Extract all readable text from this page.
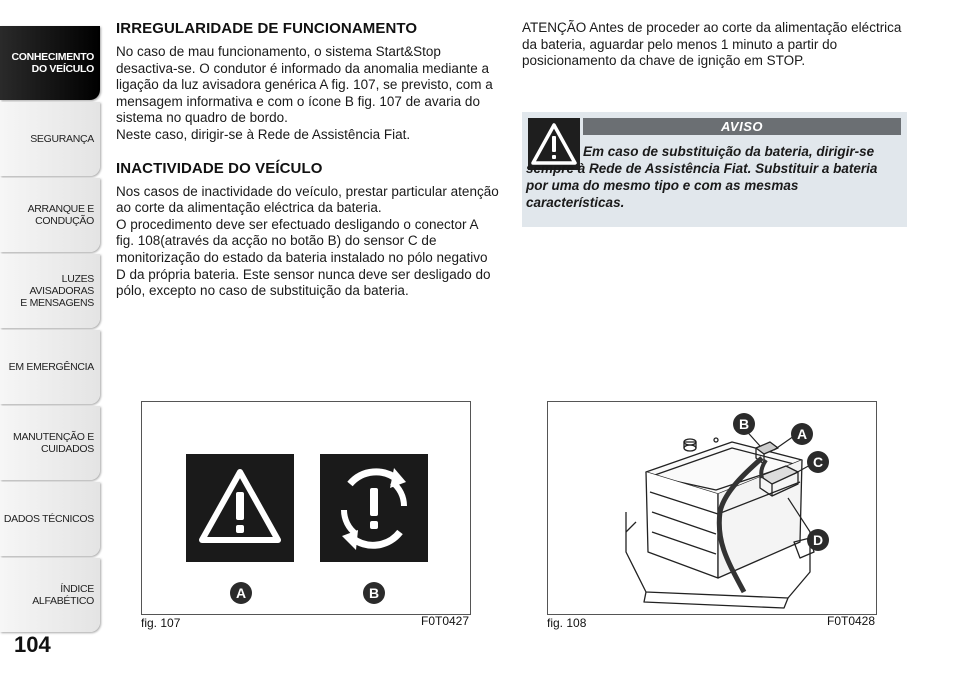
CONHECIMENTO
DO VEÍCULO
SEGURANÇA
ARRANQUE E
CONDUÇÃO
LUZES AVISADORAS
E MENSAGENS
EM EMERGÊNCIA
MANUTENÇÃO E
CUIDADOS
DADOS TÉCNICOS
ÍNDICE ALFABÉTICO
104
IRREGULARIDADE DE FUNCIONAMENTO

No caso de mau funcionamento, o sistema Start&Stop desactiva-se. O condutor é informado da anomalia mediante a ligação da luz avisadora genérica A fig. 107, se previsto, com a mensagem informativa e com o ícone B fig. 107 de avaria do sistema no quadro de bordo.

Neste caso, dirigir-se à Rede de Assistência Fiat.

INACTIVIDADE DO VEÍCULO

Nos casos de inactividade do veículo, prestar particular atenção ao corte da alimentação eléctrica da bateria.

O procedimento deve ser efectuado desligando o conector A fig. 108(através da acção no botão B) do sensor C de monitorização do estado da bateria instalado no pólo negativo D da própria bateria. Este sensor nunca deve ser desligado do pólo, excepto no caso de substituição da bateria.

ATENÇÃO Antes de proceder ao corte da alimentação eléctrica da bateria, aguardar pelo menos 1 minuto a partir do posicionamento da chave de ignição em STOP.

AVISO
Em caso de substituição da bateria, dirigir-se sempre à Rede de Assistência Fiat. Substituir a bateria por uma do mesmo tipo e com as mesmas características.
A	B
fig. 107	F0T0427
B
A
C
D
fig. 108	F0T0428
